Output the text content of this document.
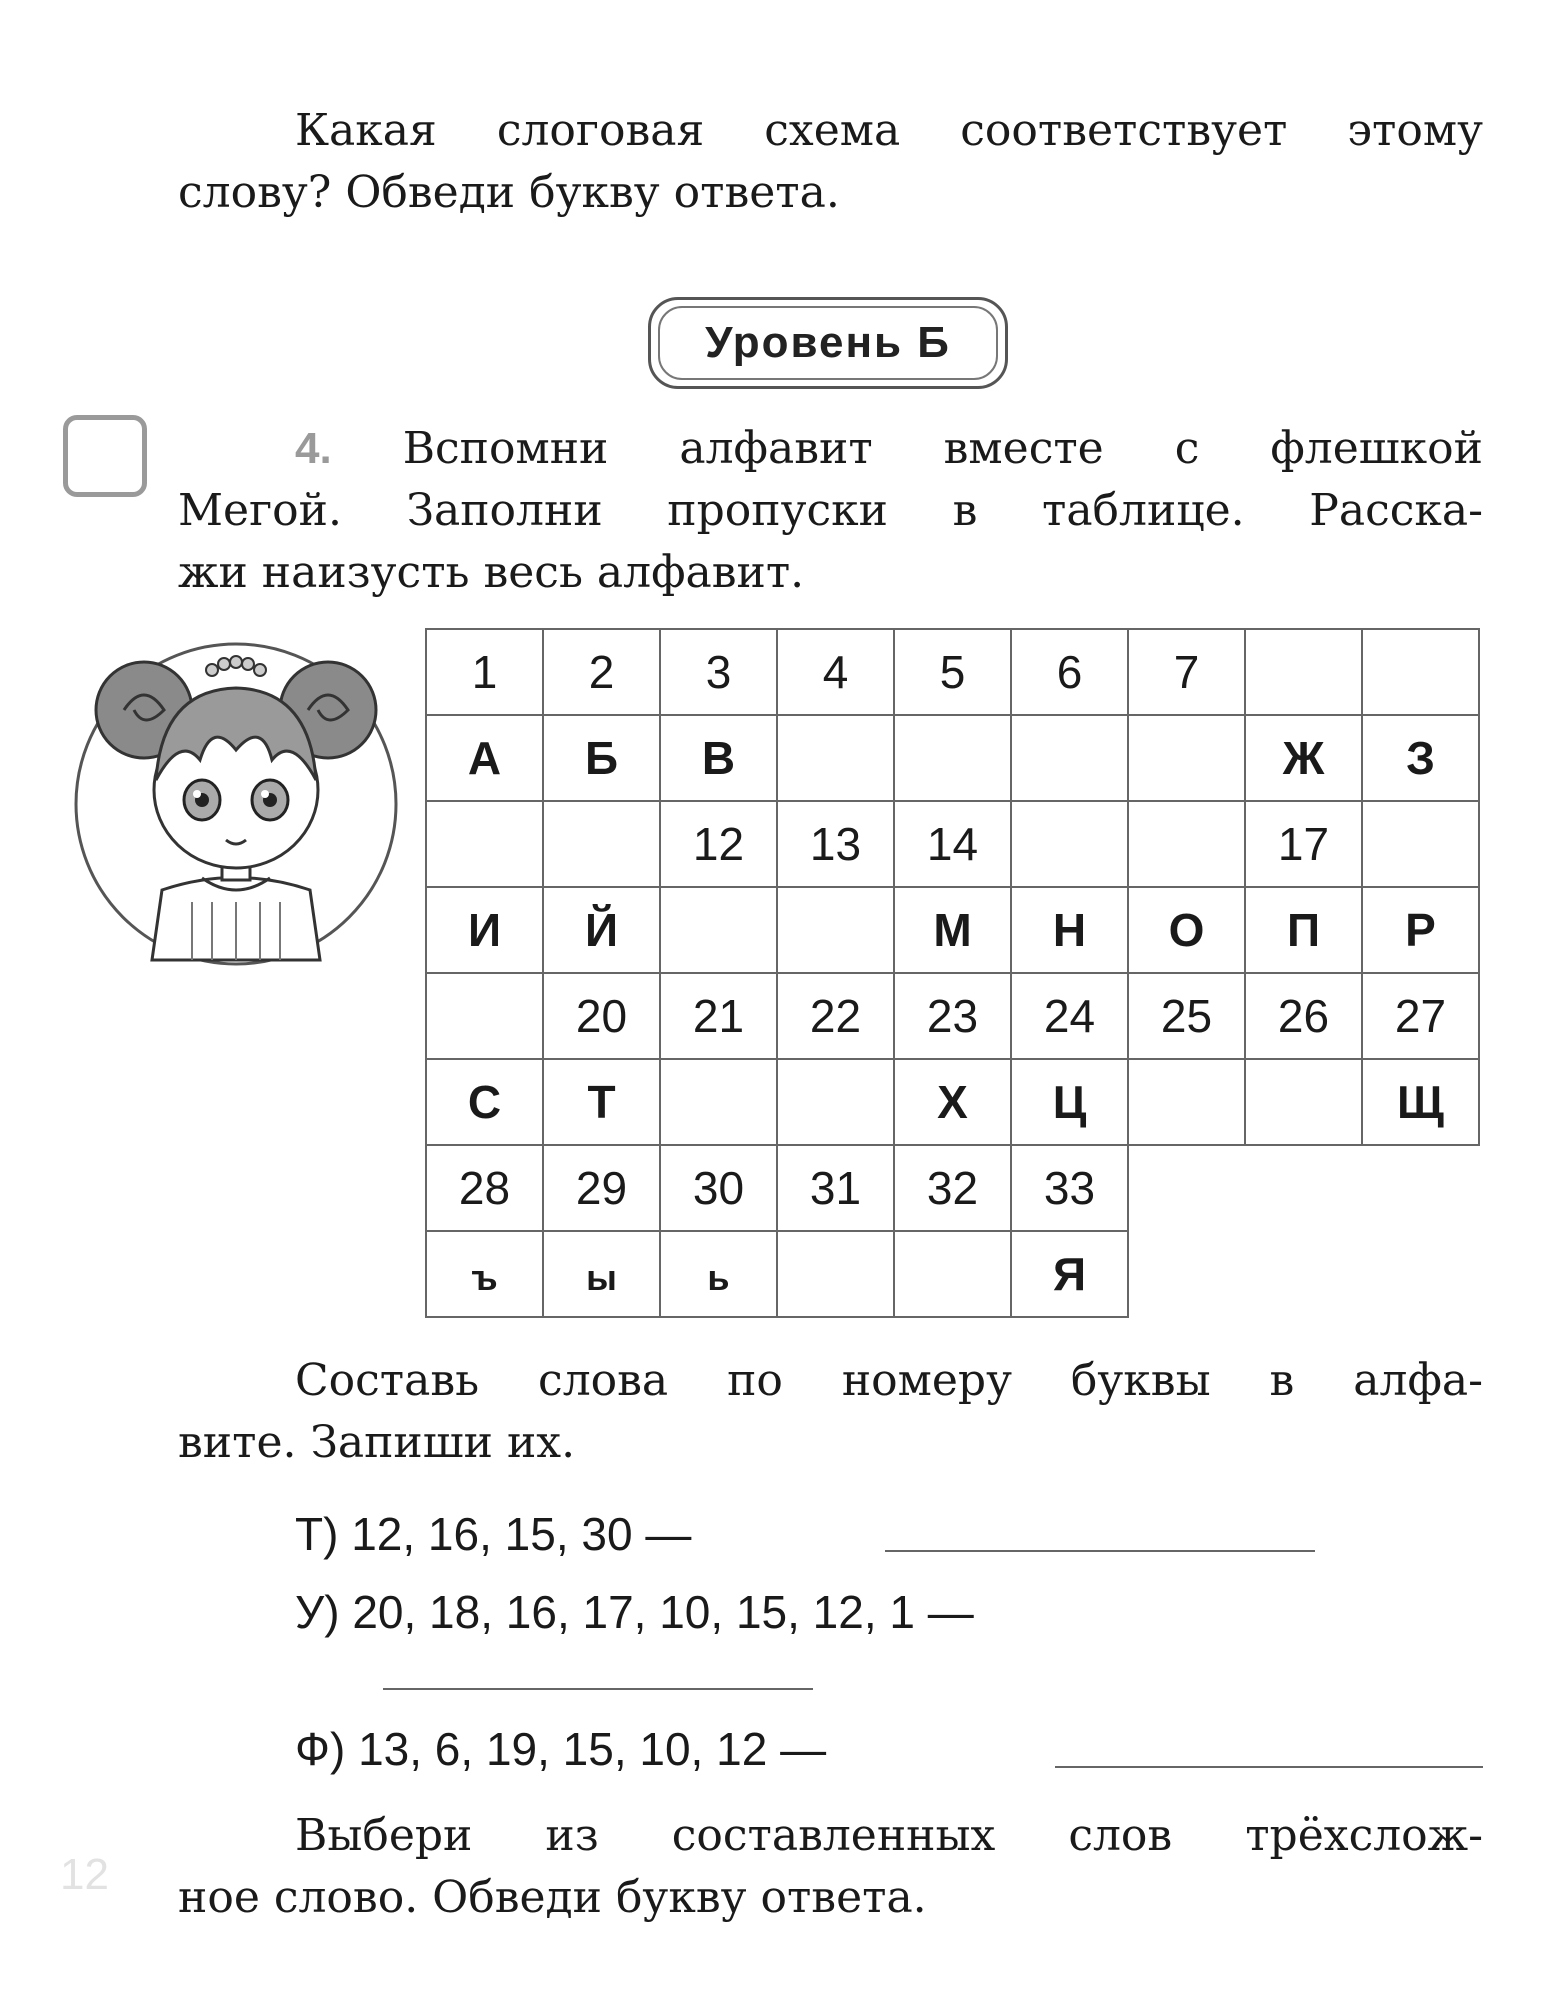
Какая слоговая схема соответствует этому
слову? Обведи букву ответа.
Уровень Б
4. Вспомни алфавит вместе с флешкой
Мегой. Заполни пропуски в таблице. Расска-
жи наизусть весь алфавит.
1	2	3	4	5	6	7		
А	Б	В					Ж	З
		12	13	14			17	
И	Й			М	Н	О	П	Р
	20	21	22	23	24	25	26	27
С	Т			Х	Ц			Щ
28	29	30	31	32	33			
ъ	ы	ь			Я			
Составь слова по номеру буквы в алфа-
вите. Запиши их.
Т) 12, 16, 15, 30 —
У) 20, 18, 16, 17, 10, 15, 12, 1 —
Ф) 13, 6, 19, 15, 10, 12 —
Выбери из составленных слов трёхслож-
ное слово. Обведи букву ответа.
12
